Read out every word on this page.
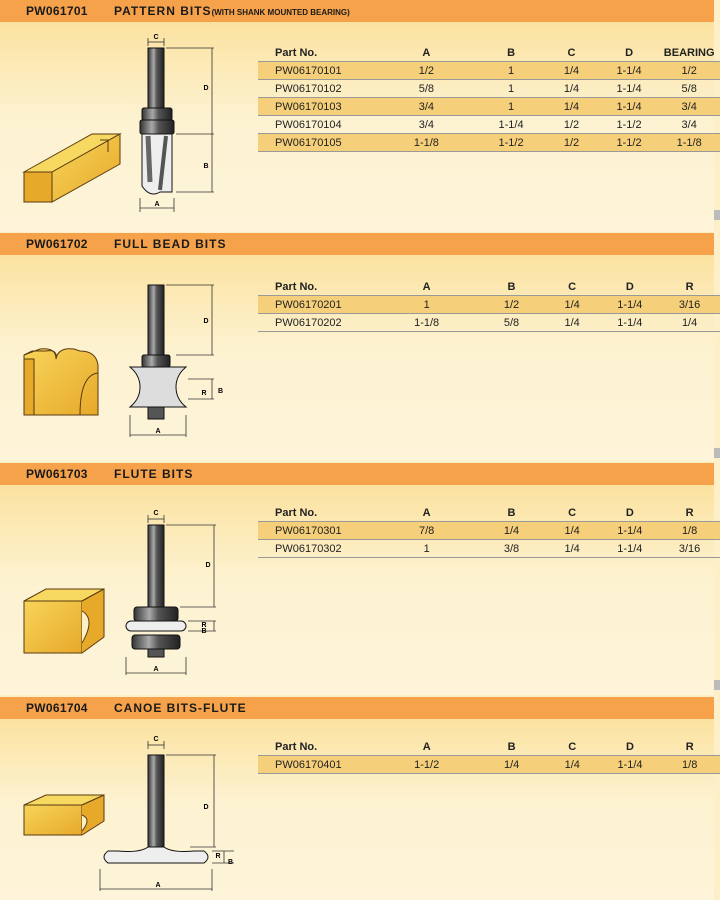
PW061701 PATTERN BITS(WITH SHANK MOUNTED BEARING)
C
D
B
A
Part No.	A	B	C	D	BEARING
PW06170101	1/2	1	1/4	1-1/4	1/2
PW06170102	5/8	1	1/4	1-1/4	5/8
PW06170103	3/4	1	1/4	1-1/4	3/4
PW06170104	3/4	1-1/4	1/2	1-1/2	3/4
PW06170105	1-1/8	1-1/2	1/2	1-1/2	1-1/8
PW061702 FULL BEAD BITS
D
R B
A
Part No.	A	B	C	D	R
PW06170201	1	1/2	1/4	1-1/4	3/16
PW06170202	1-1/8	5/8	1/4	1-1/4	1/4
PW061703 FLUTE BITS
C
D
R
B
A
Part No.	A	B	C	D	R
PW06170301	7/8	1/4	1/4	1-1/4	1/8
PW06170302	1	3/8	1/4	1-1/4	3/16
PW061704 CANOE BITS-FLUTE
C
D
R
B
A
Part No.	A	B	C	D	R
PW06170401	1-1/2	1/4	1/4	1-1/4	1/8
